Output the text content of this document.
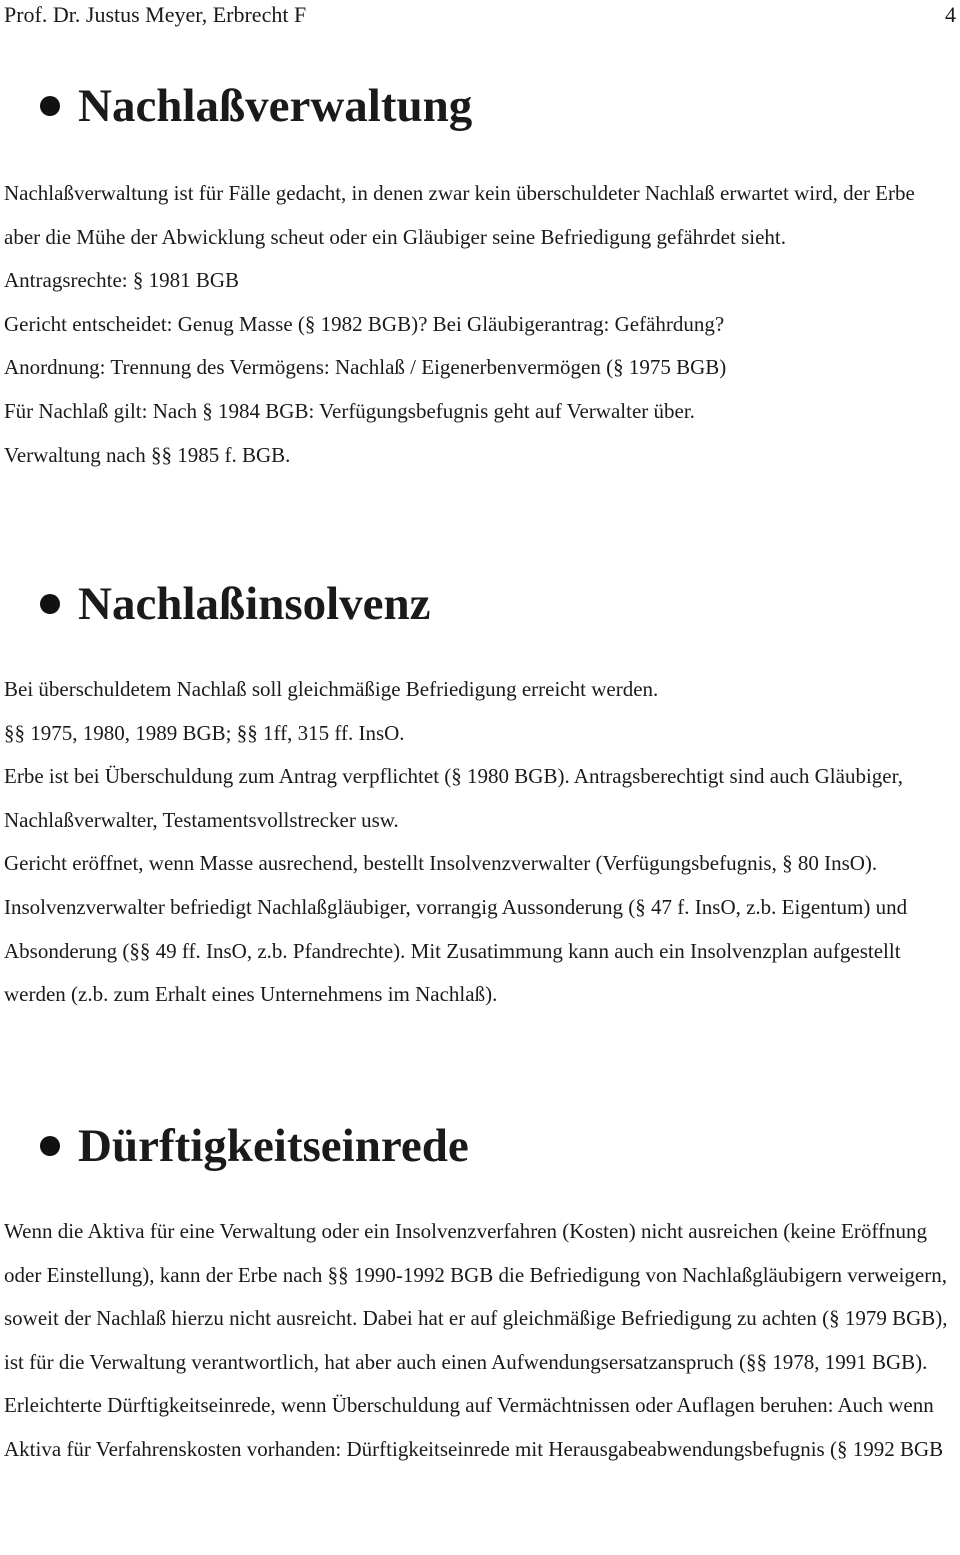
Prof. Dr. Justus Meyer, Erbrecht F	4
Nachlaßverwaltung

Nachlaßverwaltung ist für Fälle gedacht, in denen zwar kein überschuldeter Nachlaß erwartet wird, der Erbe aber die Mühe der Abwicklung scheut oder ein Gläubiger seine Befriedigung gefährdet sieht.

Antragsrechte: § 1981 BGB

Gericht entscheidet: Genug Masse (§ 1982 BGB)? Bei Gläubigerantrag: Gefährdung?

Anordnung: Trennung des Vermögens: Nachlaß / Eigenerbenvermögen (§ 1975 BGB)

Für Nachlaß gilt: Nach § 1984 BGB: Verfügungsbefugnis geht auf Verwalter über.

Verwaltung nach §§ 1985 f. BGB.

Nachlaßinsolvenz

Bei überschuldetem Nachlaß soll gleichmäßige Befriedigung erreicht werden.

§§ 1975, 1980, 1989 BGB; §§ 1ff, 315 ff. InsO.

Erbe ist bei Überschuldung zum Antrag verpflichtet (§ 1980 BGB). Antragsberechtigt sind auch Gläubiger, Nachlaßverwalter, Testamentsvollstrecker usw.

Gericht eröffnet, wenn Masse ausrechend, bestellt Insolvenzverwalter (Verfügungsbefugnis, § 80 InsO). Insolvenzverwalter befriedigt Nachlaßgläubiger, vorrangig Aussonderung (§ 47 f. InsO, z.b. Eigentum) und Absonderung (§§ 49 ff. InsO, z.b. Pfandrechte). Mit Zusatimmung kann auch ein Insolvenzplan aufgestellt werden (z.b. zum Erhalt eines Unternehmens im Nachlaß).

Dürftigkeitseinrede

Wenn die Aktiva für eine Verwaltung oder ein Insolvenzverfahren (Kosten) nicht ausreichen (keine Eröffnung oder Einstellung), kann der Erbe nach §§ 1990-1992 BGB die Befriedigung von Nachlaßgläubigern verweigern, soweit der Nachlaß hierzu nicht ausreicht. Dabei hat er auf gleichmäßige Befriedigung zu achten (§ 1979 BGB), ist für die Verwaltung verantwortlich, hat aber auch einen Aufwendungsersatzanspruch (§§ 1978, 1991 BGB).

Erleichterte Dürftigkeitseinrede, wenn Überschuldung auf Vermächtnissen oder Auflagen beruhen: Auch wenn Aktiva für Verfahrenskosten vorhanden: Dürftigkeitseinrede mit Herausgabeabwendungsbefugnis (§ 1992 BGB
